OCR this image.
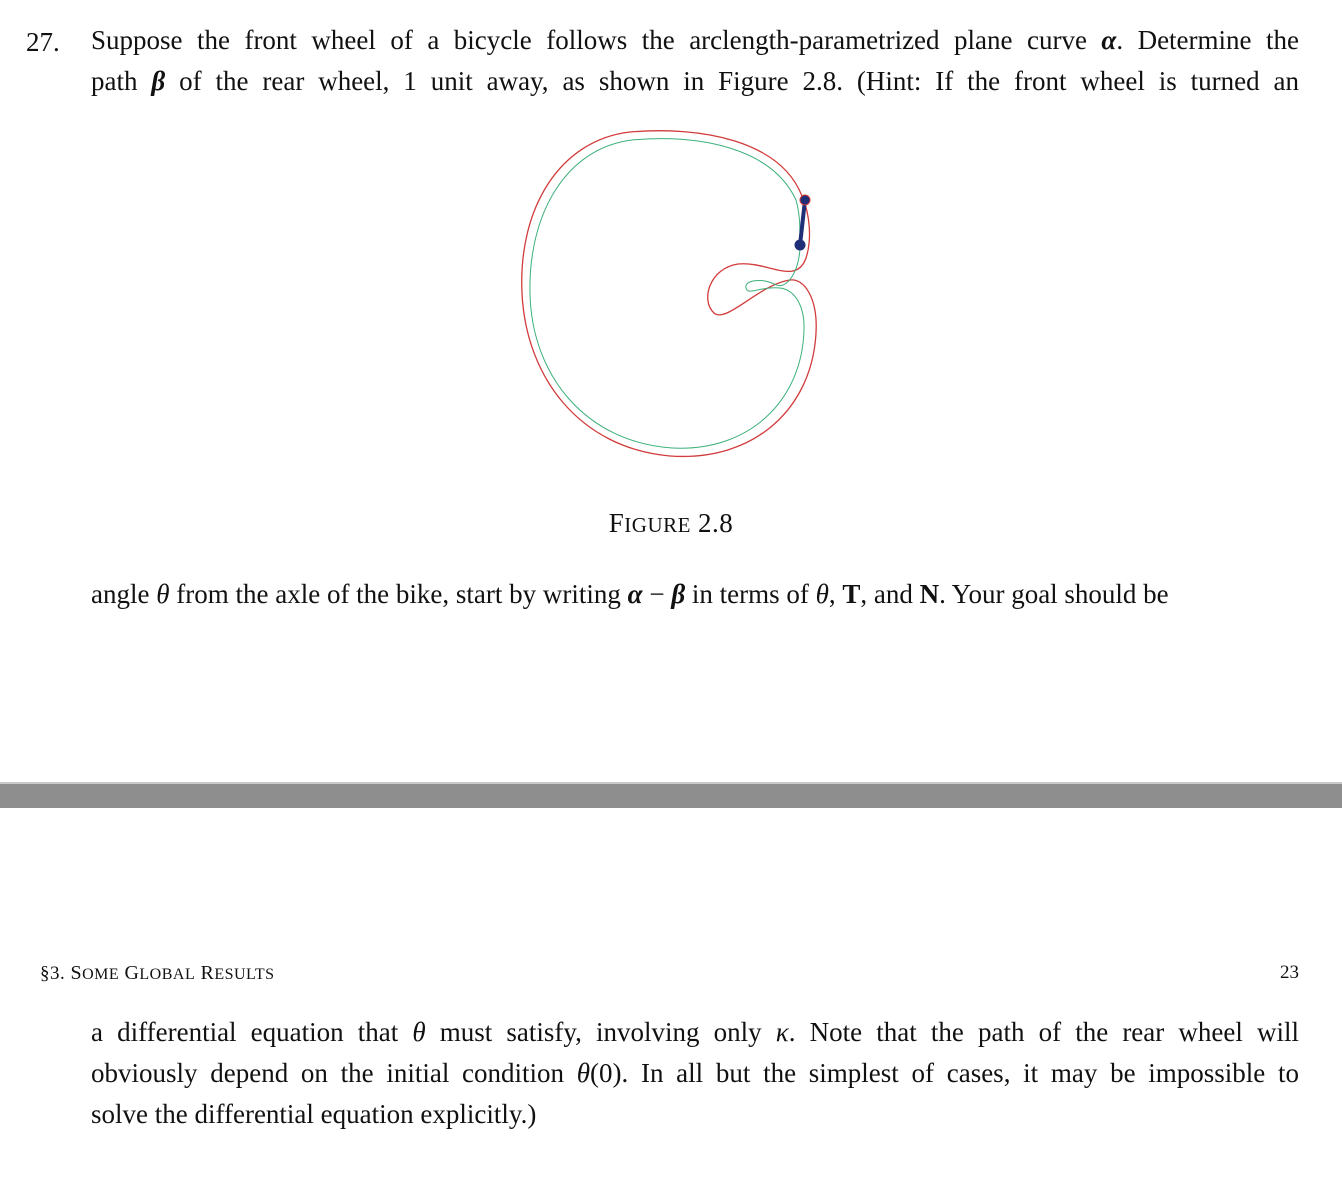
27. Suppose the front wheel of a bicycle follows the arclength-parametrized plane curve α. Determine the
path β of the rear wheel, 1 unit away, as shown in Figure 2.8. (Hint: If the front wheel is turned an
FIGURE 2.8
angle θ from the axle of the bike, start by writing α − β in terms of θ, T, and N. Your goal should be
§3. SOME GLOBAL RESULTS	23
a differential equation that θ must satisfy, involving only κ. Note that the path of the rear wheel will
obviously depend on the initial condition θ(0). In all but the simplest of cases, it may be impossible to
solve the differential equation explicitly.)
